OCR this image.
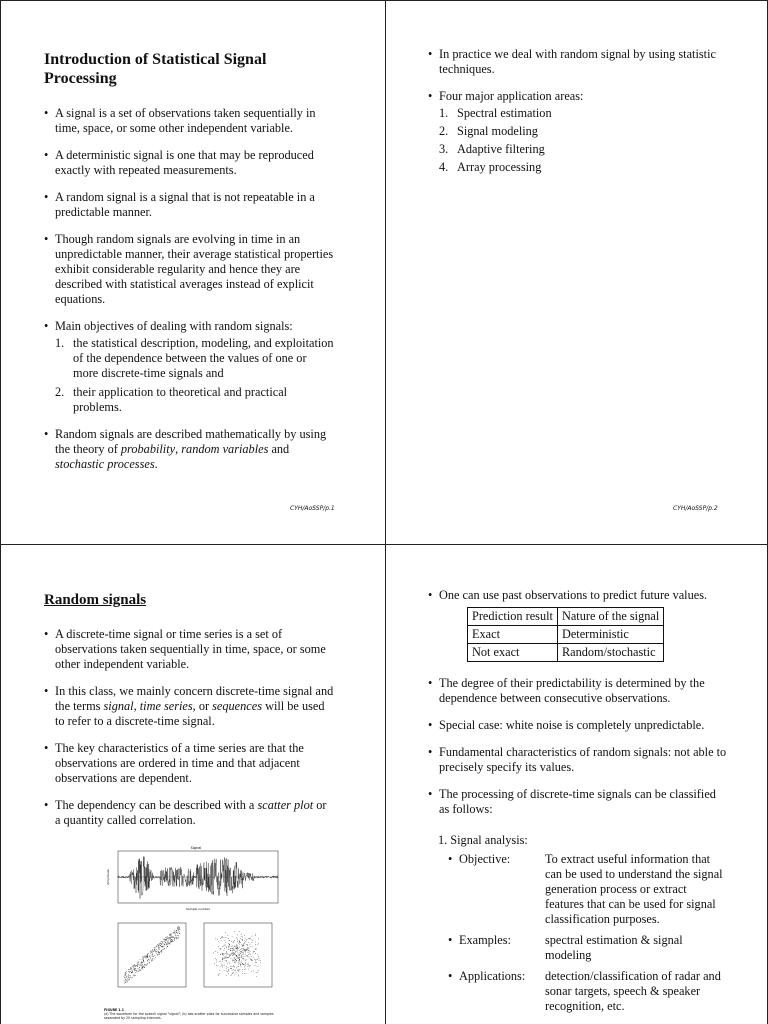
Introduction of Statistical Signal Processing
• A signal is a set of observations taken sequentially in time, space, or some other independent variable.
• A deterministic signal is one that may be reproduced exactly with repeated measurements.
• A random signal is a signal that is not repeatable in a predictable manner.
• Though random signals are evolving in time in an unpredictable manner, their average statistical properties exhibit considerable regularity and hence they are described with statistical averages instead of explicit equations.
• Main objectives of dealing with random signals:
1. the statistical description, modeling, and exploitation of the dependence between the values of one or more discrete-time signals and
2. their application to theoretical and practical problems.
• Random signals are described mathematically by using the theory of probability, random variables and stochastic processes.
CYH/AoSSP/p.1
• In practice we deal with random signal by using statistic techniques.
• Four major application areas:
1. Spectral estimation
2. Signal modeling
3. Adaptive filtering
4. Array processing
CYH/AoSSP/p.2
Random signals
• A discrete-time signal or time series is a set of observations taken sequentially in time, space, or some other independent variable.
• In this class, we mainly concern discrete-time signal and the terms signal, time series, or sequences will be used to refer to a discrete-time signal.
• The key characteristics of a time series are that the observations are ordered in time and that adjacent observations are dependent.
• The dependency can be described with a scatter plot or a quantity called correlation.
Signal
Sample number
Amplitude
FIGURE 1.1
(a) The waveform for the speech signal "signal"; (b) two scatter plots for successive samples and samples separated by 20 sampling intervals.
• One can use past observations to predict future values.
Prediction result	Nature of the signal
Exact	Deterministic
Not exact	Random/stochastic
• The degree of their predictability is determined by the dependence between consecutive observations.
• Special case: white noise is completely unpredictable.
• Fundamental characteristics of random signals: not able to precisely specify its values.
• The processing of discrete-time signals can be classified as follows:
1. Signal analysis:
• Objective:	To extract useful information that can be used to understand the signal generation process or extract features that can be used for signal classification purposes.
• Examples:	spectral estimation & signal modeling
• Applications:	detection/classification of radar and sonar targets, speech & speaker recognition, etc.
